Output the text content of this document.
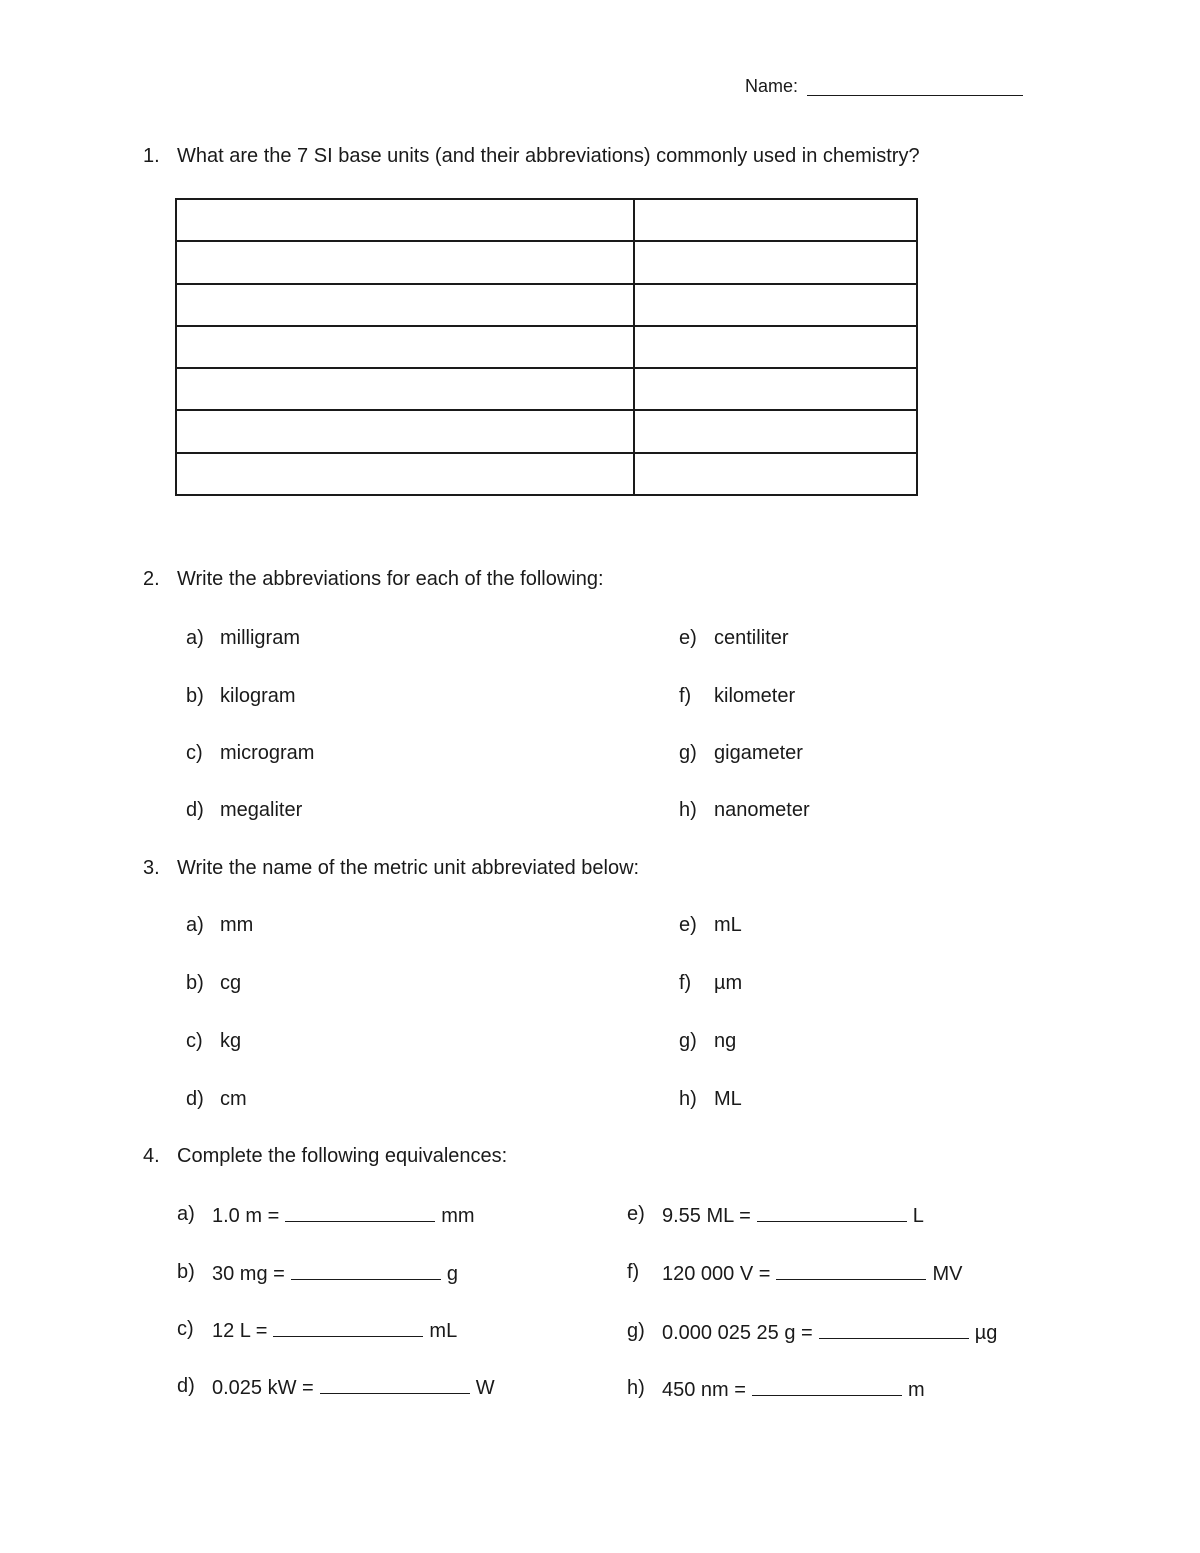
Name:
1. What are the 7 SI base units (and their abbreviations) commonly used in chemistry?

2. Write the abbreviations for each of the following:
a) milligram
b) kilogram
c) microgram
d) megaliter
e) centiliter
f) kilometer
g) gigameter
h) nanometer
3. Write the name of the metric unit abbreviated below:
a) mm
b) cg
c) kg
d) cm
e) mL
f) µm
g) ng
h) ML
4. Complete the following equivalences:
a) 1.0 m =	mm
b) 30 mg =	g
c) 12 L =	mL
d) 0.025 kW =	W
e) 9.55 ML =	L
f) 120 000 V =	MV
g) 0.000 025 25 g =	µg
h) 450 nm =	m
